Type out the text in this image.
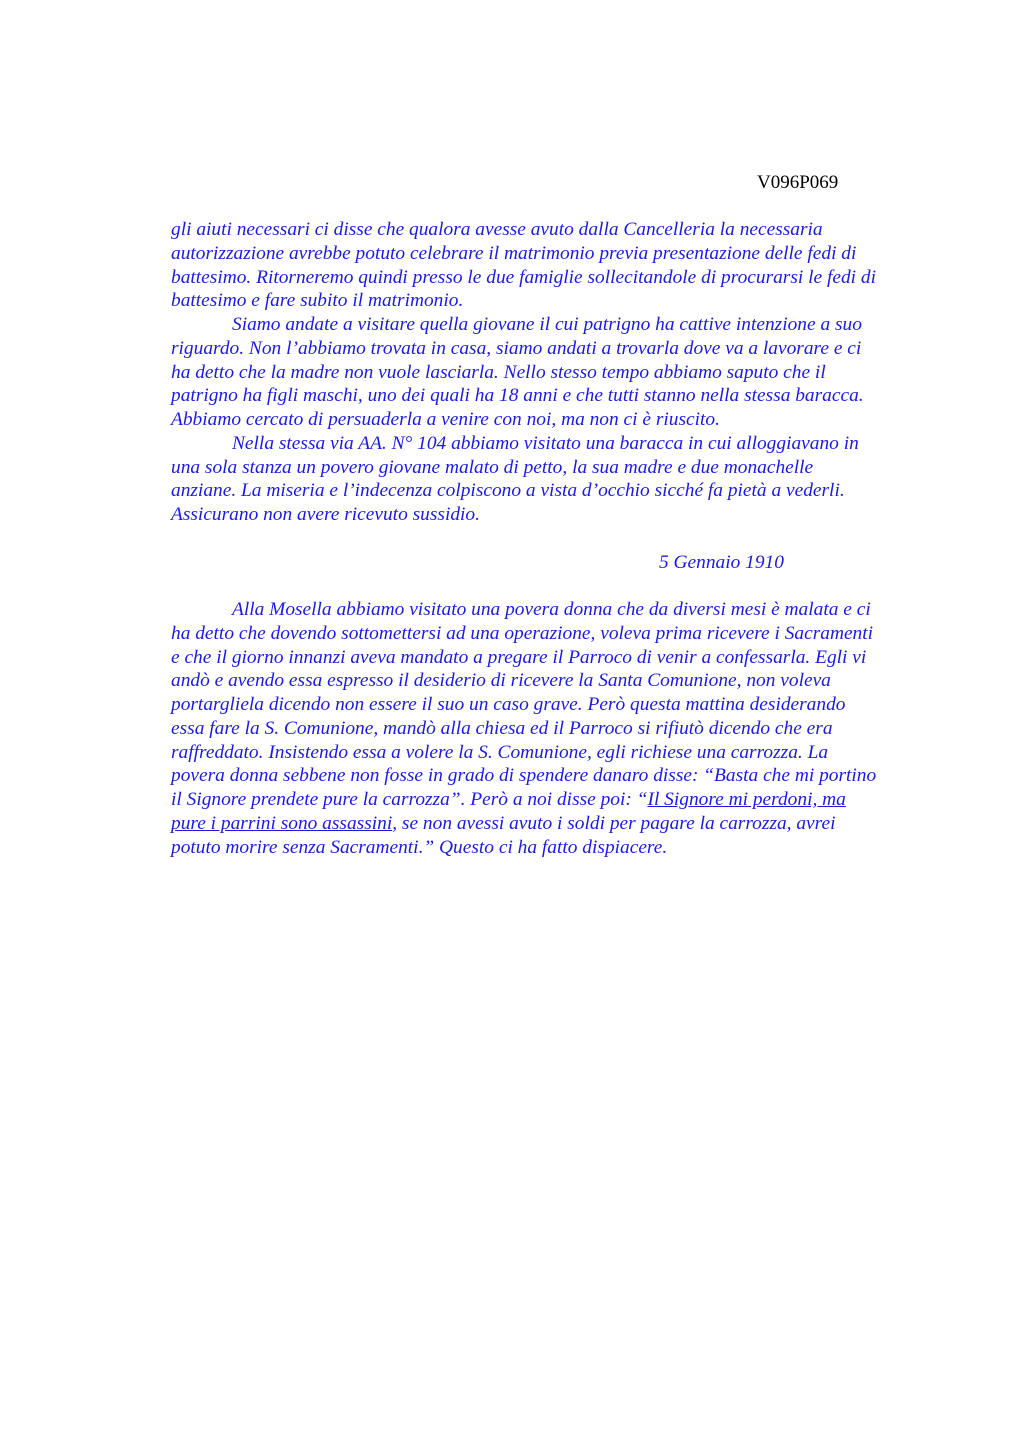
V096P069
gli aiuti necessari ci disse che qualora avesse avuto dalla Cancelleria la necessaria
autorizzazione avrebbe potuto celebrare il matrimonio previa presentazione delle fedi di
battesimo. Ritorneremo quindi presso le due famiglie sollecitandole di procurarsi le fedi di
battesimo e fare subito il matrimonio.
Siamo andate a visitare quella giovane il cui patrigno ha cattive intenzione a suo
riguardo. Non l’abbiamo trovata in casa, siamo andati a trovarla dove va a lavorare e ci
ha detto che la madre non vuole lasciarla. Nello stesso tempo abbiamo saputo che il
patrigno ha figli maschi, uno dei quali ha 18 anni e che tutti stanno nella stessa baracca.
Abbiamo cercato di persuaderla a venire con noi, ma non ci è riuscito.
Nella stessa via AA. N° 104 abbiamo visitato una baracca in cui alloggiavano in
una sola stanza un povero giovane malato di petto, la sua madre e due monachelle
anziane. La miseria e l’indecenza colpiscono a vista d’occhio sicché fa pietà a vederli.
Assicurano non avere ricevuto sussidio.
5 Gennaio 1910
Alla Mosella abbiamo visitato una povera donna che da diversi mesi è malata e ci
ha detto che dovendo sottomettersi ad una operazione, voleva prima ricevere i Sacramenti
e che il giorno innanzi aveva mandato a pregare il Parroco di venir a confessarla. Egli vi
andò e avendo essa espresso il desiderio di ricevere la Santa Comunione, non voleva
portargliela dicendo non essere il suo un caso grave. Però questa mattina desiderando
essa fare la S. Comunione, mandò alla chiesa ed il Parroco si rifiutò dicendo che era
raffreddato. Insistendo essa a volere la S. Comunione, egli richiese una carrozza. La
povera donna sebbene non fosse in grado di spendere danaro disse: “Basta che mi portino
il Signore prendete pure la carrozza”. Però a noi disse poi: “Il Signore mi perdoni, ma
pure i parrini sono assassini, se non avessi avuto i soldi per pagare la carrozza, avrei
potuto morire senza Sacramenti.” Questo ci ha fatto dispiacere.
